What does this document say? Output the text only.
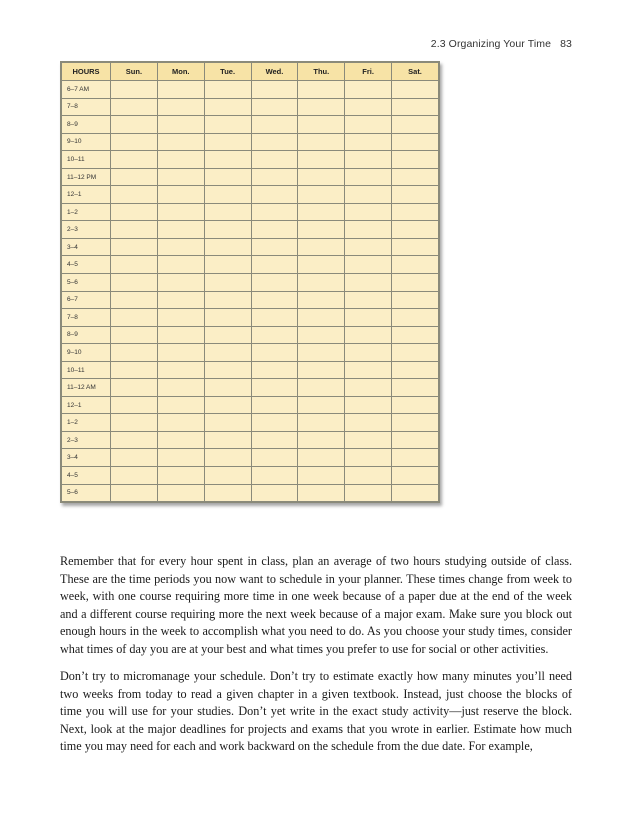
2.3 Organizing Your Time 83
HOURS	Sun.	Mon.	Tue.	Wed.	Thu.	Fri.	Sat.
6–7 AM							
7–8							
8–9							
9–10							
10–11							
11–12 PM							
12–1							
1–2							
2–3							
3–4							
4–5							
5–6							
6–7							
7–8							
8–9							
9–10							
10–11							
11–12 AM							
12–1							
1–2							
2–3							
3–4							
4–5							
5–6							

Remember that for every hour spent in class, plan an average of two hours studying outside of class. These are the time periods you now want to schedule in your planner. These times change from week to week, with one course requiring more time in one week because of a paper due at the end of the week and a different course requiring more the next week because of a major exam. Make sure you block out enough hours in the week to accomplish what you need to do. As you choose your study times, consider what times of day you are at your best and what times you prefer to use for social or other activities.

Don’t try to micromanage your schedule. Don’t try to estimate exactly how many minutes you’ll need two weeks from today to read a given chapter in a given textbook. Instead, just choose the blocks of time you will use for your studies. Don’t yet write in the exact study activity—just reserve the block. Next, look at the major deadlines for projects and exams that you wrote in earlier. Estimate how much time you may need for each and work backward on the schedule from the due date. For example,
